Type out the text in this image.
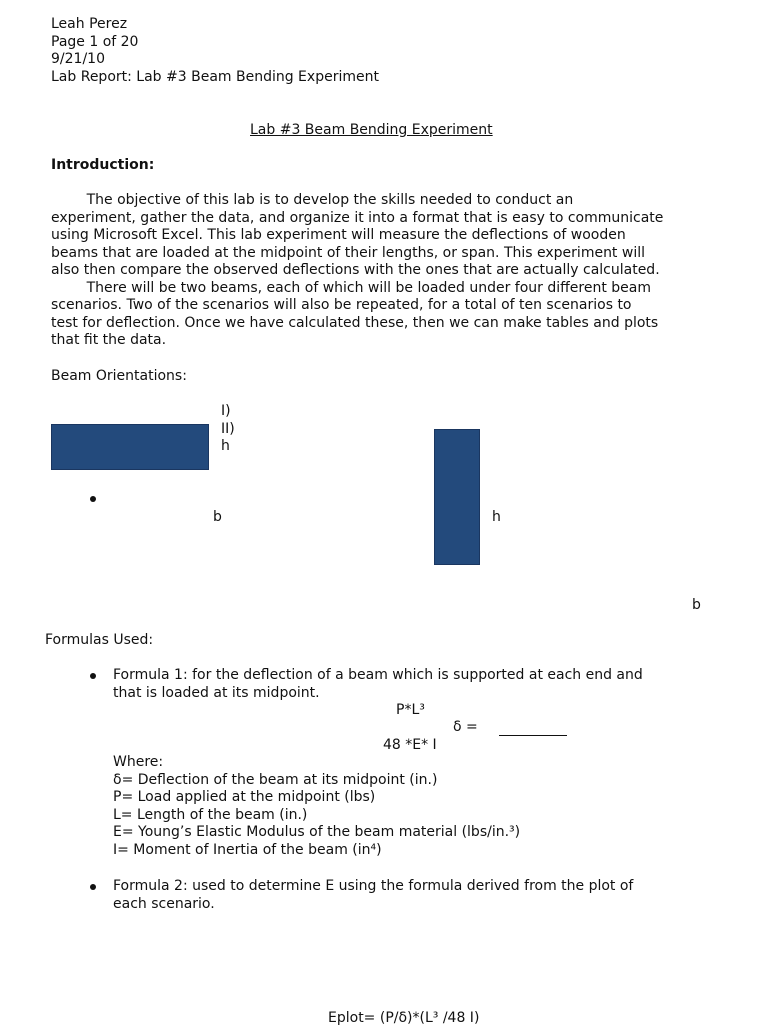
Leah Perez
Page 1 of 20
9/21/10
Lab Report: Lab #3 Beam Bending Experiment
Lab #3 Beam Bending Experiment
Introduction:
The objective of this lab is to develop the skills needed to conduct an
experiment, gather the data, and organize it into a format that is easy to communicate
using Microsoft Excel. This lab experiment will measure the deflections of wooden
beams that are loaded at the midpoint of their lengths, or span. This experiment will
also then compare the observed deflections with the ones that are actually calculated.
There will be two beams, each of which will be loaded under four different beam
scenarios. Two of the scenarios will also be repeated, for a total of ten scenarios to
test for deflection. Once we have calculated these, then we can make tables and plots
that fit the data.
Beam Orientations:
I)
II)
h
b	h
b
Formulas Used:
Formula 1: for the deflection of a beam which is supported at each end and
that is loaded at its midpoint.
P*L³
δ =
48 *E* I
Where:
δ= Deflection of the beam at its midpoint (in.)
P= Load applied at the midpoint (lbs)
L= Length of the beam (in.)
E= Young’s Elastic Modulus of the beam material (lbs/in.³)
I= Moment of Inertia of the beam (in⁴)
Formula 2: used to determine E using the formula derived from the plot of
each scenario.
Eplot= (P/δ)*(L³ /48 I)
